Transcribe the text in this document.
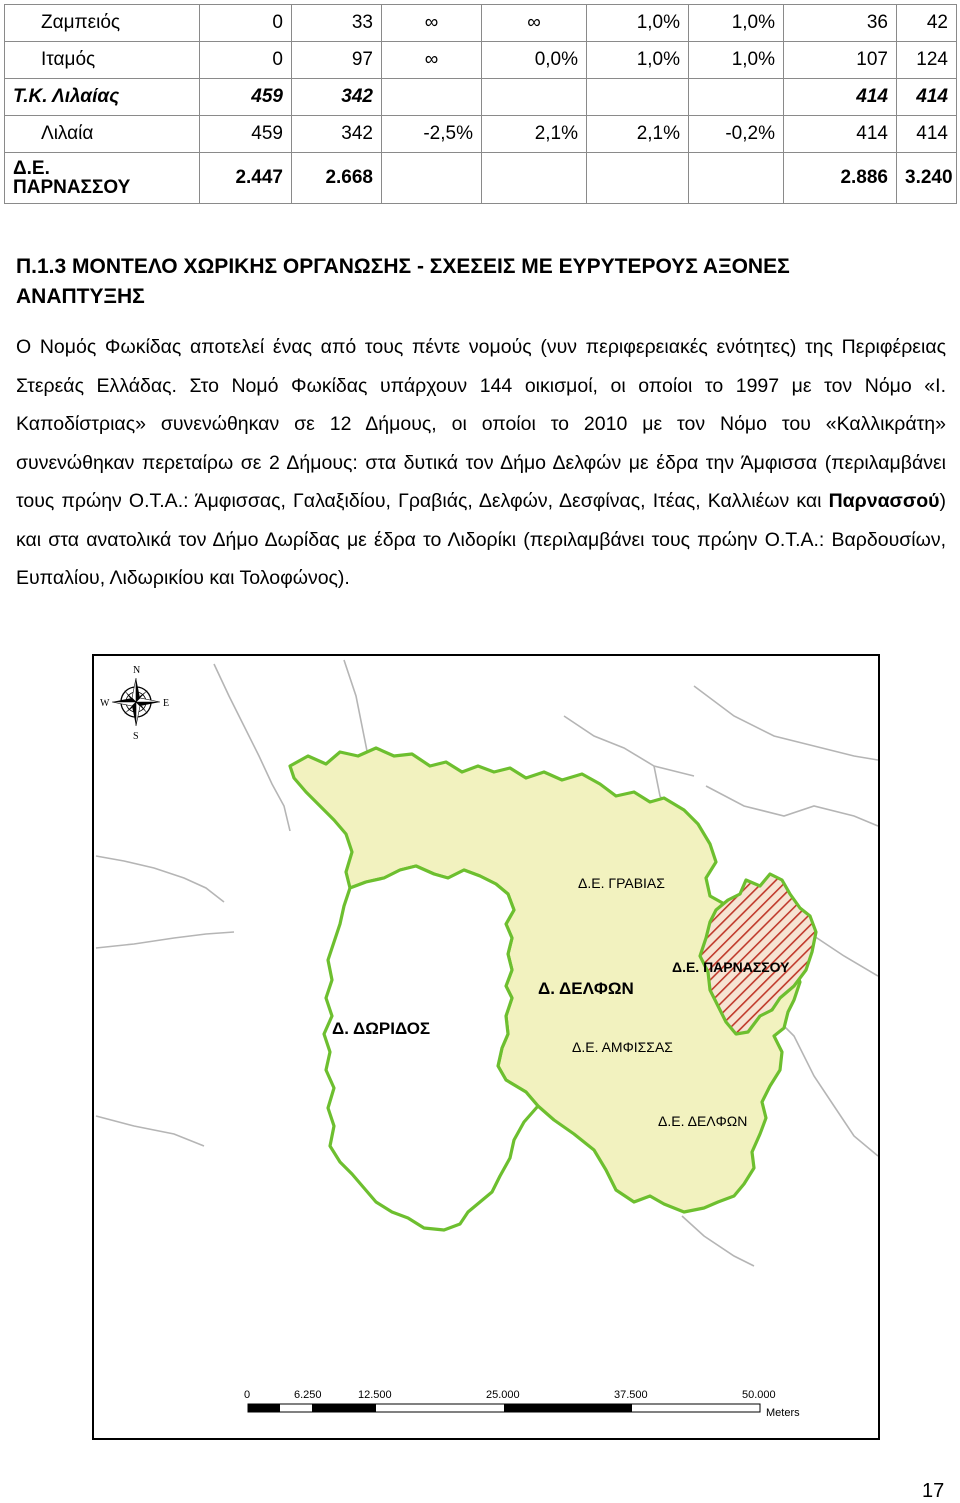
Ζαμπειός	0	33	∞	∞	1,0%	1,0%	36	42
Ιταμός	0	97	∞	0,0%	1,0%	1,0%	107	124
Τ.Κ. Λιλαίας	459	342					414	414
Λιλαία	459	342	-2,5%	2,1%	2,1%	-0,2%	414	414
Δ.Ε.
ΠΑΡΝΑΣΣΟΥ	2.447	2.668					2.886	3.240
Π.1.3 ΜΟΝΤΕΛΟ ΧΩΡΙΚΗΣ ΟΡΓΑΝΩΣΗΣ - ΣΧΕΣΕΙΣ ΜΕ ΕΥΡΥΤΕΡΟΥΣ ΑΞΟΝΕΣ
ΑΝΑΠΤΥΞΗΣ

Ο Νομός Φωκίδας αποτελεί ένας από τους πέντε νομούς (νυν περιφερειακές ενότητες) της Περιφέρειας Στερεάς Ελλάδας. Στο Νομό Φωκίδας υπάρχουν 144 οικισμοί, οι οποίοι το 1997 με τον Νόμο «Ι. Καποδίστριας» συνενώθηκαν σε 12 Δήμους, οι οποίοι το 2010 με τον Νόμο του «Καλλικράτη» συνενώθηκαν περεταίρω σε 2 Δήμους: στα δυτικά τον Δήμο Δελφών με έδρα την Άμφισσα (περιλαμβάνει τους πρώην Ο.Τ.Α.: Άμφισσας, Γαλαξιδίου, Γραβιάς, Δελφών, Δεσφίνας, Ιτέας, Καλλιέων και Παρνασσού) και στα ανατολικά τον Δήμο Δωρίδας με έδρα το Λιδορίκι (περιλαμβάνει τους πρώην Ο.Τ.Α.: Βαρδουσίων, Ευπαλίου, Λιδωρικίου και Τολοφώνος).

Δ.Ε. ΓΡΑΒΙΑΣ
Δ.Ε. ΠΑΡΝΑΣΣΟΥ
Δ. ΔΕΛΦΩΝ
Δ. ΔΩΡΙΔΟΣ
Δ.Ε. ΑΜΦΙΣΣΑΣ
Δ.Ε. ΔΕΛΦΩΝ
N
S
E
W
0	6.250	12.500	25.000	37.500	50.000
Meters
17
